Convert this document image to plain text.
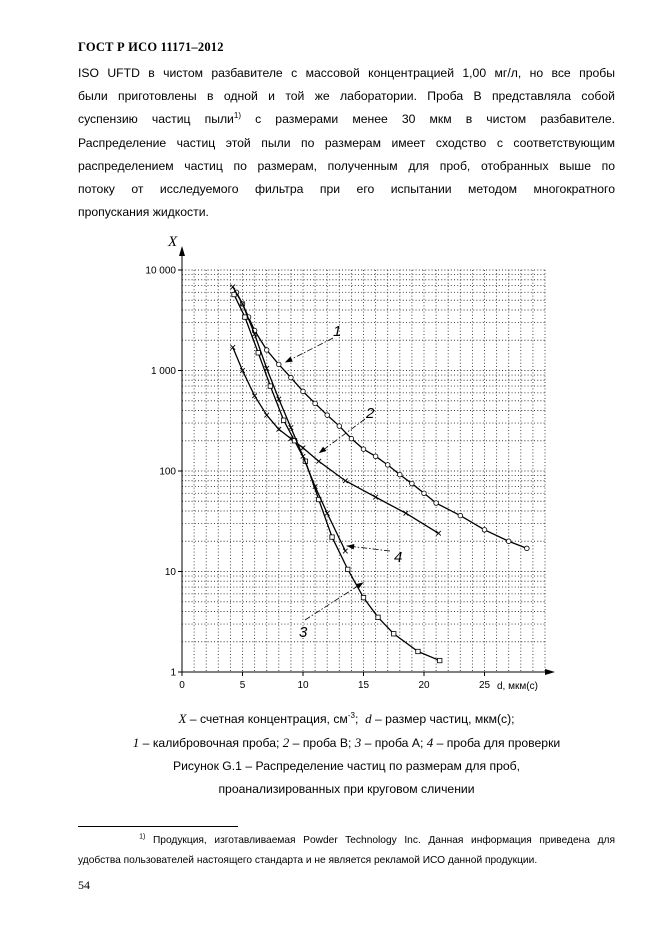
ГОСТ Р ИСО 11171–2012
ISO UFTD в чистом разбавителе с массовой концентрацией 1,00 мг/л, но все пробы
были приготовлены в одной и той же лаборатории. Проба В представляла собой
суспензию частиц пыли$^{1)}$ с размерами менее 30 мкм в чистом разбавителе.
Распределение частиц этой пыли по размерам имеет сходство с соответствующим
распределением частиц по размерам, полученным для проб, отобранных выше по
потоку от исследуемого фильтра при его испытании методом многократного
пропускания жидкости.
0	5	10	15	20	25
1
10
100
1 000
10 000
X
d, мкм(с)
1
2
3
4
X – счетная концентрация, $см^{-3}$; d – размер частиц, мкм(с);
1 – калибровочная проба; 2 – проба В; 3 – проба А; 4 – проба для проверки
Рисунок G.1 – Распределение частиц по размерам для проб,
проанализированных при круговом сличении
$^{1)}$ Продукция, изготавливаемая Powder Technology Inc. Данная информация приведена для
удобства пользователей настоящего стандарта и не является рекламой ИСО данной продукции.
54
